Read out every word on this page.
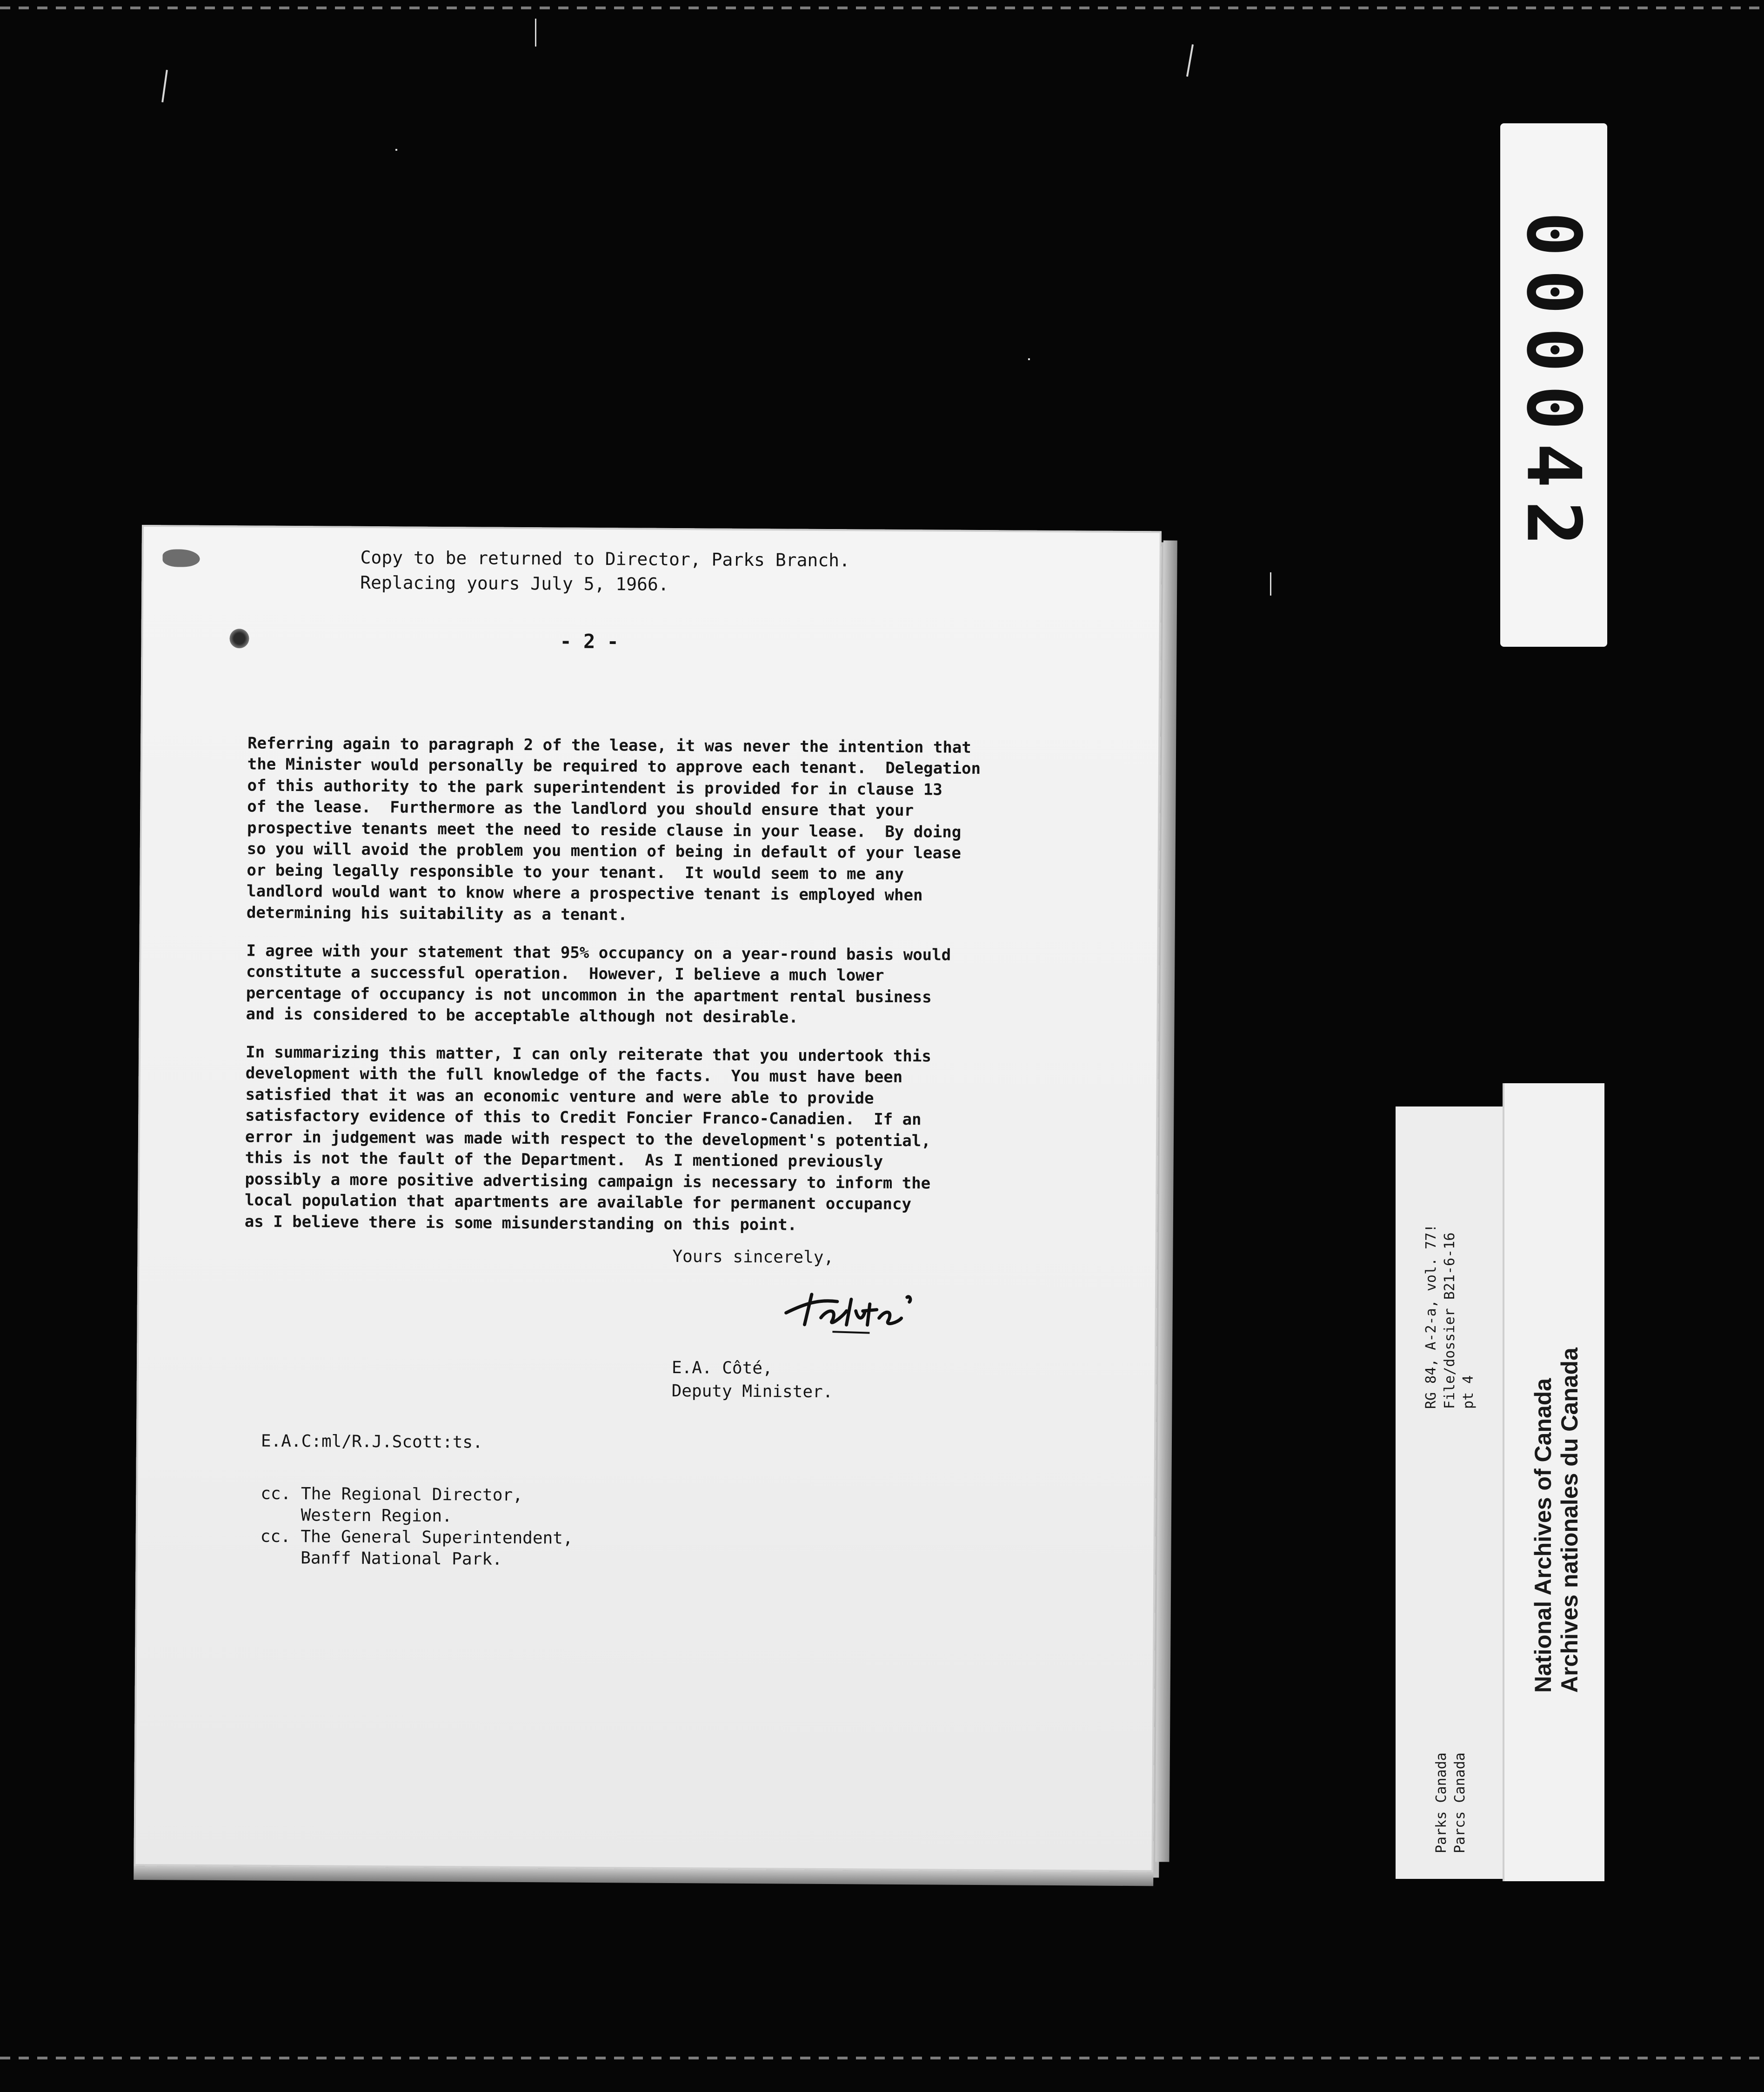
Copy to be returned to Director, Parks Branch.
Replacing yours July 5, 1966.
- 2 -
Referring again to paragraph 2 of the lease, it was never the intention that
the Minister would personally be required to approve each tenant.  Delegation
of this authority to the park superintendent is provided for in clause 13
of the lease.  Furthermore as the landlord you should ensure that your
prospective tenants meet the need to reside clause in your lease.  By doing
so you will avoid the problem you mention of being in default of your lease
or being legally responsible to your tenant.  It would seem to me any
landlord would want to know where a prospective tenant is employed when
determining his suitability as a tenant.
I agree with your statement that 95% occupancy on a year-round basis would
constitute a successful operation.  However, I believe a much lower
percentage of occupancy is not uncommon in the apartment rental business
and is considered to be acceptable although not desirable.
In summarizing this matter, I can only reiterate that you undertook this
development with the full knowledge of the facts.  You must have been
satisfied that it was an economic venture and were able to provide
satisfactory evidence of this to Credit Foncier Franco-Canadien.  If an
error in judgement was made with respect to the development's potential,
this is not the fault of the Department.  As I mentioned previously
possibly a more positive advertising campaign is necessary to inform the
local population that apartments are available for permanent occupancy
as I believe there is some misunderstanding on this point.
Yours sincerely,
E.A. Côté,
Deputy Minister.
E.A.C:ml/R.J.Scott:ts.
cc. The Regional Director,
Western Region.
cc. The General Superintendent,
Banff National Park.
000042
RG 84, A-2-a, vol. 77! File/dossier B21-6-16 pt 4
Parks Canada Parcs Canada
National Archives of Canada Archives nationales du Canada
